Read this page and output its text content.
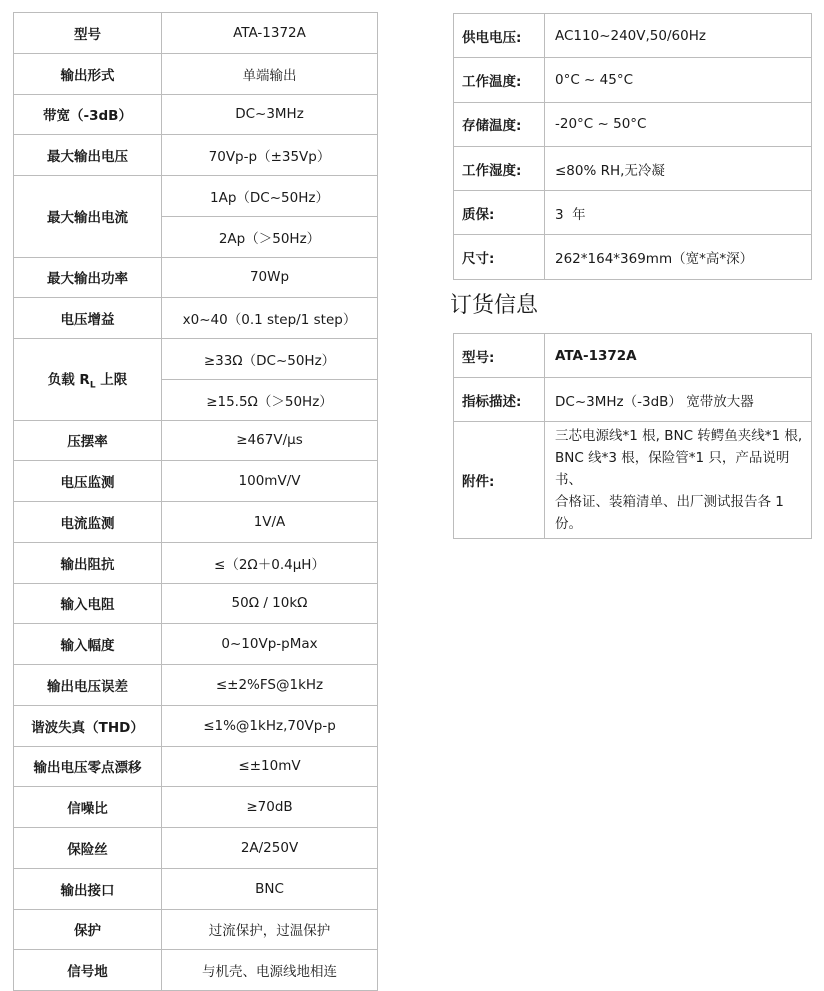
型号	ATA-1372A
输出形式	单端输出
带宽（-3dB）	DC~3MHz
最大输出电压	70Vp-p（±35Vp）
最大输出电流	1Ap（DC~50Hz）
	2Ap（＞50Hz）
最大输出功率	70Wp
电压增益	x0~40（0.1 step/1 step）
负载 $R_L$ 上限	≥33Ω（DC~50Hz）
	≥15.5Ω（＞50Hz）
压摆率	≥467V/μs
电压监测	100mV/V
电流监测	1V/A
输出阻抗	≤（2Ω＋0.4μH）
输入电阻	50Ω / 10kΩ
输入幅度	0~10Vp-pMax
输出电压误差	≤±2%FS@1kHz
谐波失真（THD）	≤1%@1kHz,70Vp-p
输出电压零点漂移	≤±10mV
信噪比	≥70dB
保险丝	2A/250V
输出接口	BNC
保护	过流保护，过温保护
信号地	与机壳、电源线地相连
供电电压:	AC110~240V,50/60Hz
工作温度:	0°C ~ 45°C
存储温度:	-20°C ~ 50°C
工作湿度:	≤80% RH,无冷凝
质保:	3  年
尺寸:	262*164*369mm（宽*高*深）
订货信息
型号:	ATA-1372A
指标描述:	DC~3MHz（-3dB） 宽带放大器
附件:	三芯电源线*1 根, BNC 转鳄鱼夹线*1 根,
BNC 线*3 根，保险管*1 只，产品说明书、
合格证、装箱清单、出厂测试报告各 1 份。
